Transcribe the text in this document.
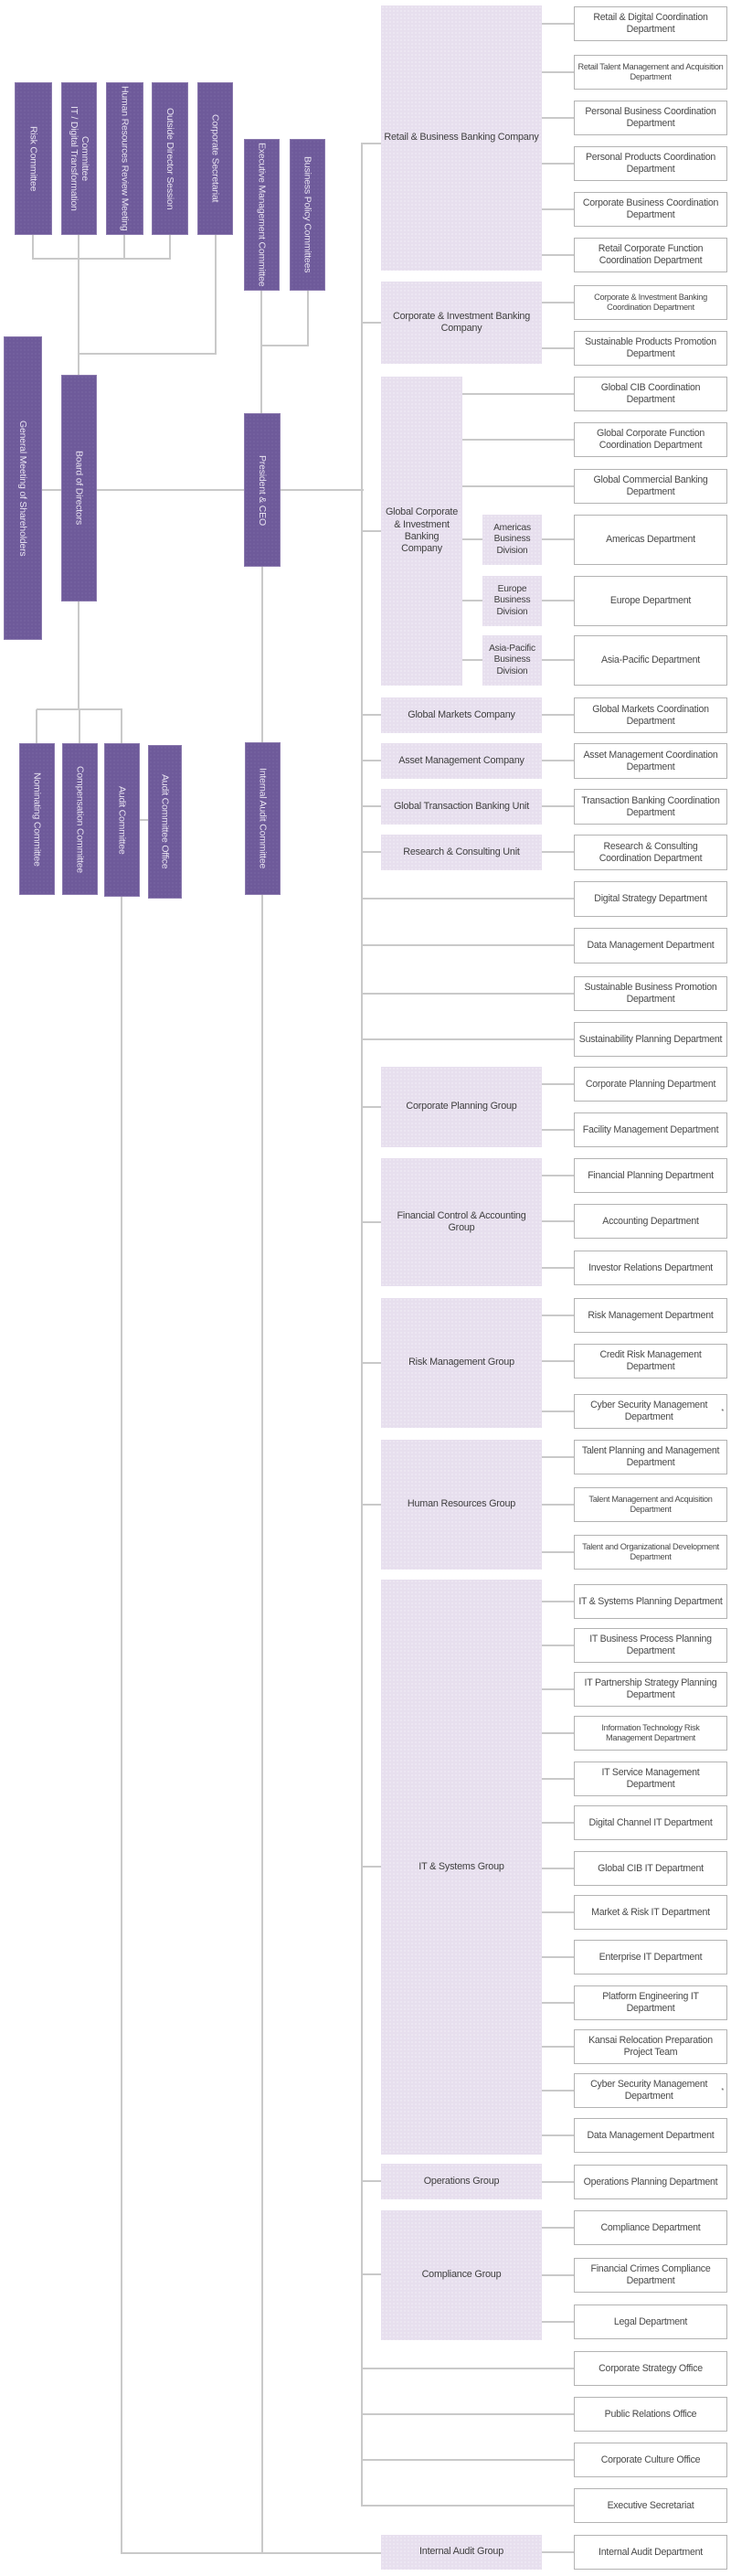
General Meeting of Shareholders	Board of Directors	President & CEO
Risk Committee	IT / Digital Transformation Committee	Human Resources Review Meeting	Outside Director Session	Corporate Secretariat	Executive Management Committee	Business Policy Committees
Nominating Committee	Compensation Committee	Audit Committee	Audit Committee Office	Internal Audit Committee
Retail & Business Banking Company
Corporate & Investment Banking Company
Global Corporate & Investment Banking Company
Global Markets Company
Asset Management Company
Global Transaction Banking Unit
Research & Consulting Unit
Corporate Planning Group
Financial Control & Accounting Group
Risk Management Group
Human Resources Group
IT & Systems Group
Operations Group
Compliance Group
Internal Audit Group
Americas Business Division
Europe Business Division
Asia-Pacific Business Division
Retail & Digital Coordination Department
Retail Talent Management and Acquisition Department
Personal Business Coordination Department
Personal Products Coordination Department
Corporate Business Coordination Department
Retail Corporate Function Coordination Department
Corporate & Investment Banking Coordination Department
Sustainable Products Promotion Department
Global CIB Coordination Department
Global Corporate Function Coordination Department
Global Commercial Banking Department
Americas Department
Europe Department
Asia-Pacific Department
Global Markets Coordination Department
Asset Management Coordination Department
Transaction Banking Coordination Department
Research & Consulting Coordination Department
Digital Strategy Department
Data Management Department
Sustainable Business Promotion Department
Sustainability Planning Department
Corporate Planning Department
Facility Management Department
Financial Planning Department
Accounting Department
Investor Relations Department
Risk Management Department
Credit Risk Management Department
Cyber Security Management Department
*
Talent Planning and Management Department
Talent Management and Acquisition Department
Talent and Organizational Development Department
IT & Systems Planning Department
IT Business Process Planning Department
IT Partnership Strategy Planning Department
Information Technology Risk Management Department
IT Service Management Department
Digital Channel IT Department
Global CIB IT Department
Market & Risk IT Department
Enterprise IT Department
Platform Engineering IT Department
Kansai Relocation Preparation Project Team
Cyber Security Management Department
*
Data Management Department
Operations Planning Department
Compliance Department
Financial Crimes Compliance Department
Legal Department
Corporate Strategy Office
Public Relations Office
Corporate Culture Office
Executive Secretariat
Internal Audit Department
